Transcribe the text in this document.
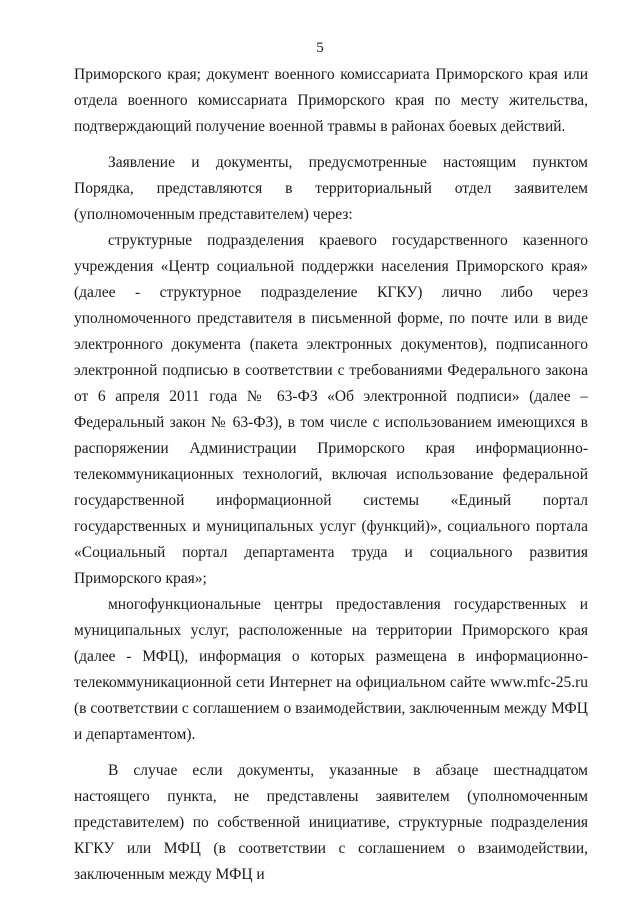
5

Приморского края; документ военного комиссариата Приморского края или отдела военного комиссариата Приморского края по месту жительства, подтверждающий получение военной травмы в районах боевых действий.

Заявление и документы, предусмотренные настоящим пунктом Порядка, представляются в территориальный отдел заявителем (уполномоченным представителем) через:

структурные подразделения краевого государственного казенного учреждения «Центр социальной поддержки населения Приморского края» (далее - структурное подразделение КГКУ) лично либо через уполномоченного представителя в письменной форме, по почте или в виде электронного документа (пакета электронных документов), подписанного электронной подписью в соответствии с требованиями Федерального закона от 6 апреля 2011 года № 63-ФЗ «Об электронной подписи» (далее – Федеральный закон № 63-ФЗ), в том числе с использованием имеющихся в распоряжении Администрации Приморского края информационно-телекоммуникационных технологий, включая использование федеральной государственной информационной системы «Единый портал государственных и муниципальных услуг (функций)», социального портала «Социальный портал департамента труда и социального развития Приморского края»;

многофункциональные центры предоставления государственных и муниципальных услуг, расположенные на территории Приморского края (далее - МФЦ), информация о которых размещена в информационно-телекоммуникационной сети Интернет на официальном сайте www.mfc-25.ru (в соответствии с соглашением о взаимодействии, заключенным между МФЦ и департаментом).

В случае если документы, указанные в абзаце шестнадцатом настоящего пункта, не представлены заявителем (уполномоченным представителем) по собственной инициативе, структурные подразделения КГКУ или МФЦ (в соответствии с соглашением о взаимодействии, заключенным между МФЦ и
